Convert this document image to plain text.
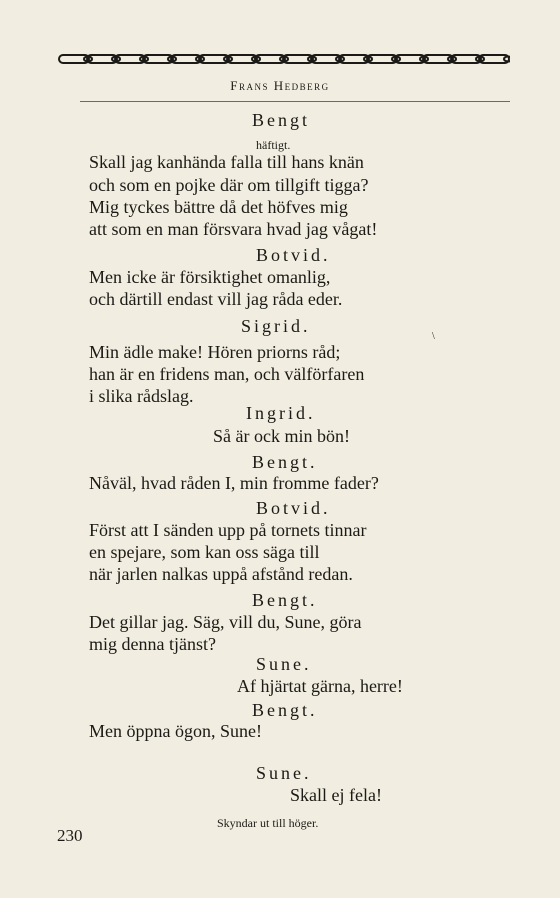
Frans Hedberg
Bengt
häftigt.
Skall jag kanhända falla till hans knän
och som en pojke där om tillgift tigga?
Mig tyckes bättre då det höfves mig
att som en man försvara hvad jag vågat!
Botvid.
Men icke är försiktighet omanlig,
och därtill endast vill jag råda eder.
Sigrid.
Min ädle make! Hören priorns råd;
han är en fridens man, och välförfaren
i slika rådslag.
Ingrid.
Så är ock min bön!
Bengt.
Nåväl, hvad råden I, min fromme fader?
Botvid.
Först att I sänden upp på tornets tinnar
en spejare, som kan oss säga till
när jarlen nalkas uppå afstånd redan.
Bengt.
Det gillar jag. Säg, vill du, Sune, göra
mig denna tjänst?
Sune.
Af hjärtat gärna, herre!
Bengt.
Men öppna ögon, Sune!
Sune.
Skall ej fela!
Skyndar ut till höger.
\
230
